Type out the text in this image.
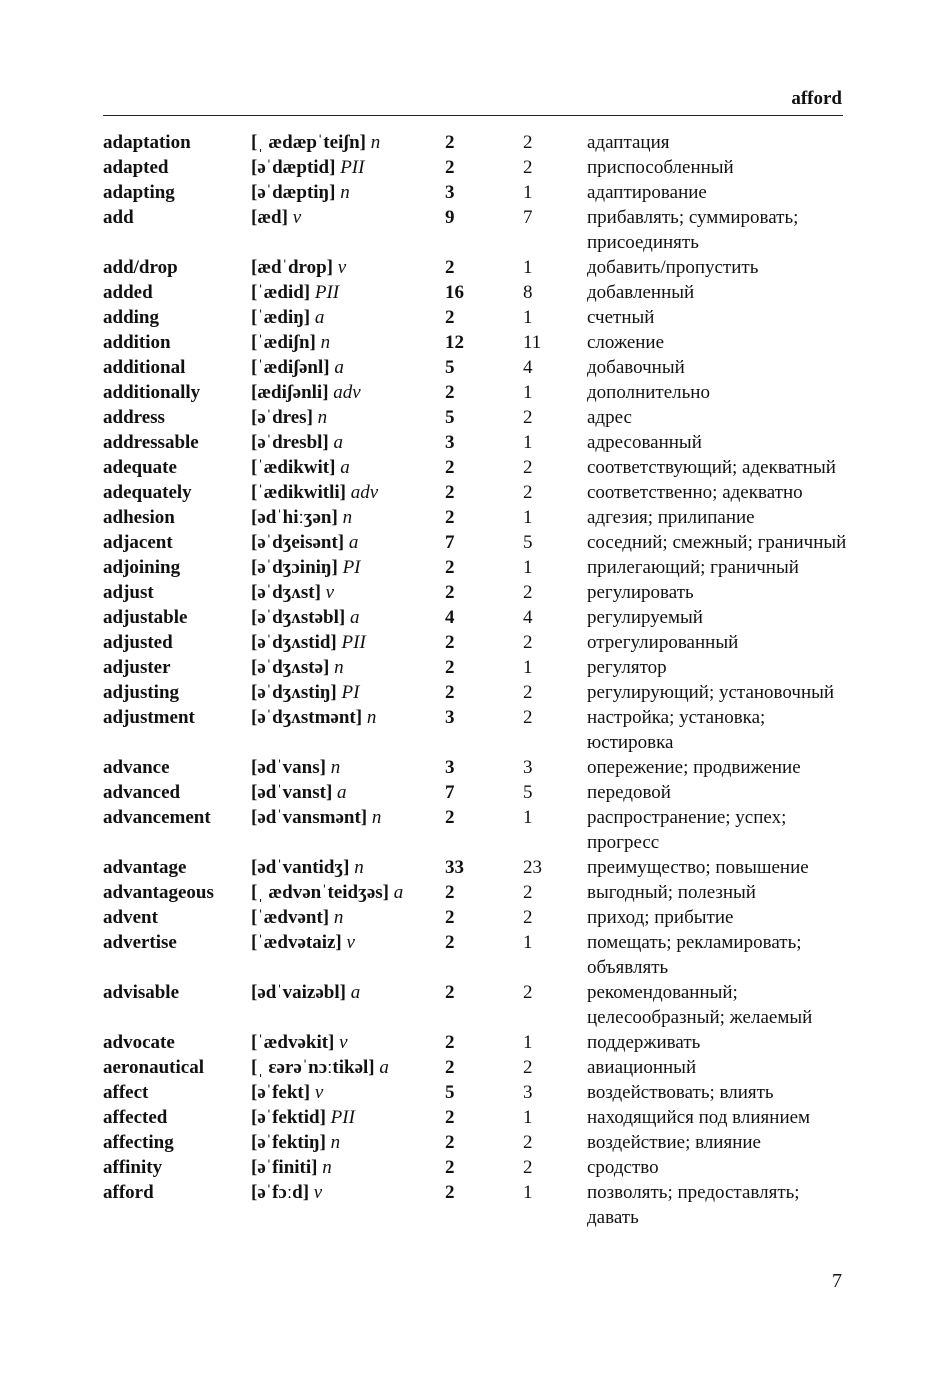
afford
adaptation	[ˌ ædæpˈteiʃn] n	2	2	адаптация
adapted	[əˈdæptid] PII	2	2	приспособленный
adapting	[əˈdæptiŋ] n	3	1	адаптирование
add	[æd] v	9	7	прибавлять; суммировать; присоединять
add/drop	[ædˈdrop] v	2	1	добавить/пропустить
added	[ˈædid] PII	16	8	добавленный
adding	[ˈædiŋ] a	2	1	счетный
addition	[ˈædiʃn] n	12	11	сложение
additional	[ˈædiʃənl] a	5	4	добавочный
additionally	[ædiʃənli] adv	2	1	дополнительно
address	[əˈdres] n	5	2	адрес
addressable	[əˈdresbl] a	3	1	адресованный
adequate	[ˈædikwit] a	2	2	соответствующий; адекватный
adequately	[ˈædikwitli] adv	2	2	соответственно; адекватно
adhesion	[ədˈhiːʒən] n	2	1	адгезия; прилипание
adjacent	[əˈdʒeisənt] a	7	5	соседний; смежный; граничный
adjoining	[əˈdʒɔiniŋ] PI	2	1	прилегающий; граничный
adjust	[əˈdʒʌst] v	2	2	регулировать
adjustable	[əˈdʒʌstəbl] a	4	4	регулируемый
adjusted	[əˈdʒʌstid] PII	2	2	отрегулированный
adjuster	[əˈdʒʌstə] n	2	1	регулятор
adjusting	[əˈdʒʌstiŋ] PI	2	2	регулирующий; установочный
adjustment	[əˈdʒʌstmənt] n	3	2	настройка; установка; юстировка
advance	[ədˈvans] n	3	3	опережение; продвижение
advanced	[ədˈvanst] a	7	5	передовой
advancement	[ədˈvansmənt] n	2	1	распространение; успех; прогресс
advantage	[ədˈvantidʒ] n	33	23	преимущество; повышение
advantageous	[ˌ ædvənˈteidʒəs] a	2	2	выгодный; полезный
advent	[ˈædvənt] n	2	2	приход; прибытие
advertise	[ˈædvətaiz] v	2	1	помещать; рекламировать; объявлять
advisable	[ədˈvaizəbl] a	2	2	рекомендованный; целесообразный; желаемый
advocate	[ˈædvəkit] v	2	1	поддерживать
aeronautical	[ˌ ɛərəˈnɔːtikəl] a	2	2	авиационный
affect	[əˈfekt] v	5	3	воздействовать; влиять
affected	[əˈfektid] PII	2	1	находящийся под влиянием
affecting	[əˈfektiŋ] n	2	2	воздействие; влияние
affinity	[əˈfiniti] n	2	2	сродство
afford	[əˈfɔːd] v	2	1	позволять; предоставлять; давать
7
